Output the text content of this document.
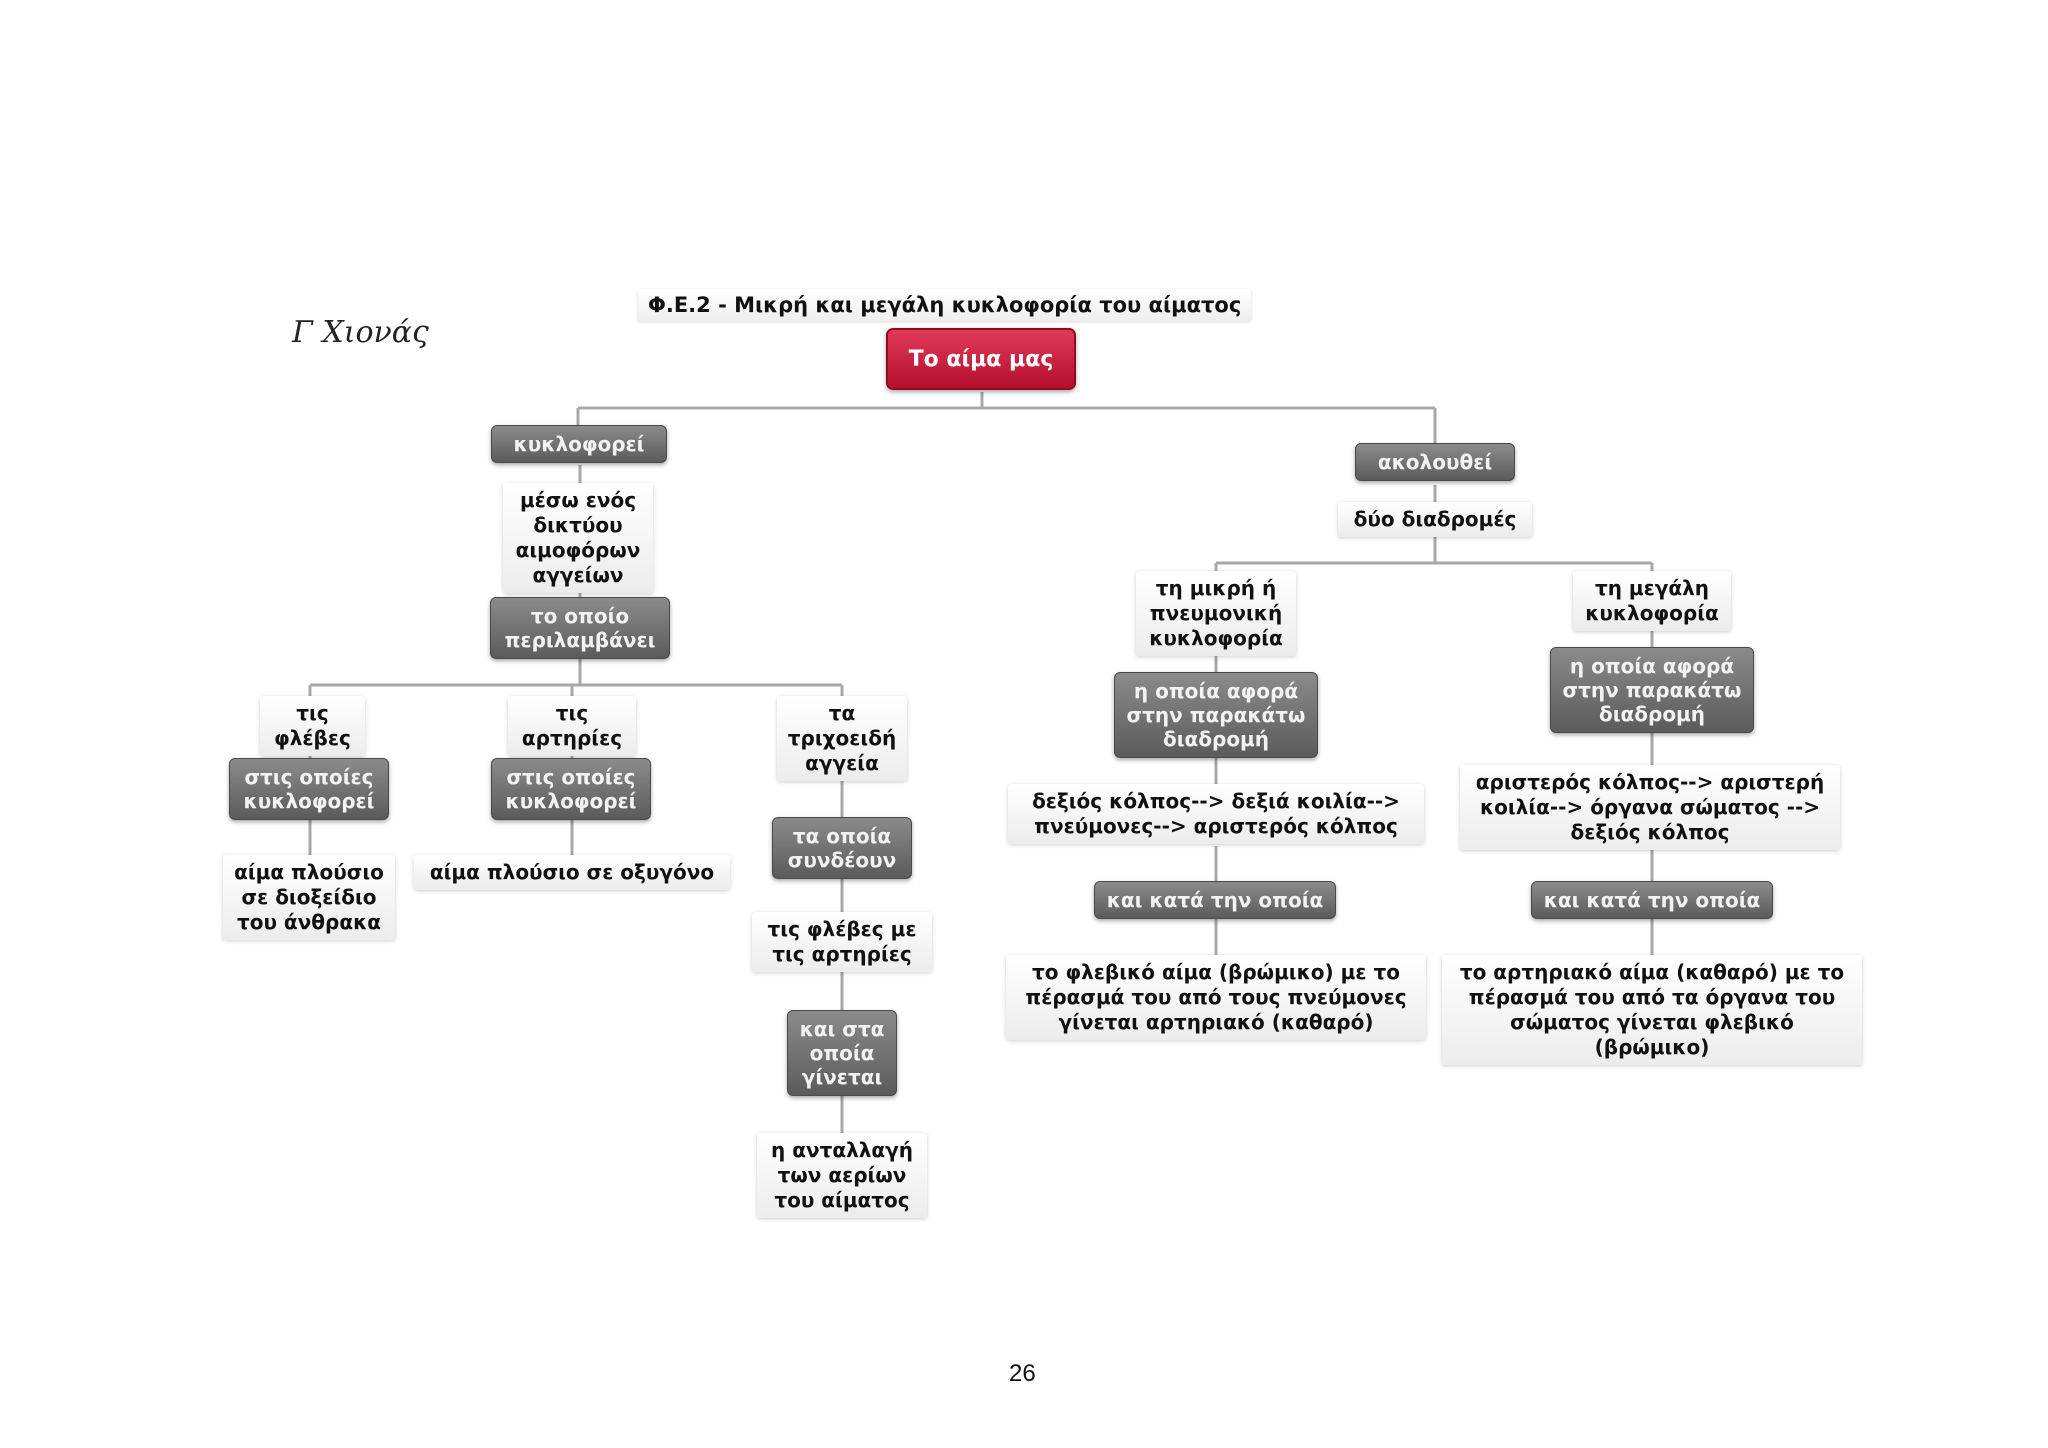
Γ Χιονάς
Φ.Ε.2 - Μικρή και μεγάλη κυκλοφορία του αίματος
Το αίμα μας
κυκλοφορεί
μέσω ενός δικτύου αιμοφόρων αγγείων
το οποίο περιλαμβάνει
τις φλέβες
στις οποίες κυκλοφορεί
αίμα πλούσιο σε διοξείδιο του άνθρακα
τις αρτηρίες
στις οποίες κυκλοφορεί
αίμα πλούσιο σε οξυγόνο
τα τριχοειδή αγγεία
τα οποία συνδέουν
τις φλέβες με τις αρτηρίες
και στα οποία γίνεται
η ανταλλαγή των αερίων του αίματος
ακολουθεί
δύο διαδρομές
τη μικρή ή πνευμονική κυκλοφορία
η οποία αφορά στην παρακάτω διαδρομή
δεξιός κόλπος--> δεξιά κοιλία--> πνεύμονες--> αριστερός κόλπος
και κατά την οποία
το φλεβικό αίμα (βρώμικο) με το πέρασμά του από τους πνεύμονες γίνεται αρτηριακό (καθαρό)
τη μεγάλη κυκλοφορία
η οποία αφορά στην παρακάτω διαδρομή
αριστερός κόλπος--> αριστερή κοιλία--> όργανα σώματος --> δεξιός κόλπος
και κατά την οποία
το αρτηριακό αίμα (καθαρό) με το πέρασμά του από τα όργανα του σώματος γίνεται φλεβικό (βρώμικο)
26
